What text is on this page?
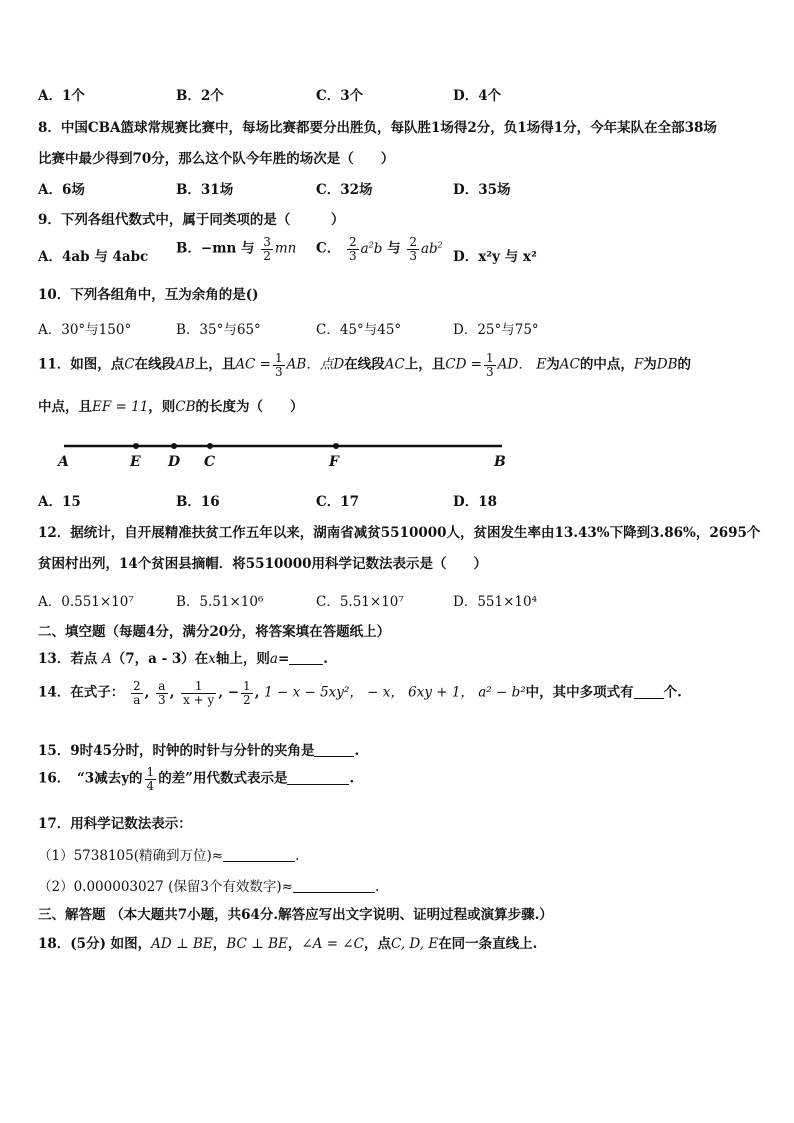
A．1个	B．2个	C．3个	D．4个
8．中国CBA篮球常规赛比赛中，每场比赛都要分出胜负，每队胜1场得2分，负1场得1分，今年某队在全部38场
比赛中最少得到70分，那么这个队今年胜的场次是（　　）
A．6场	B．31场	C．32场	D．35场
9．下列各组代数式中，属于同类项的是（　　　）
A．4ab 与 4abc
B．−mn 与 $\frac{3}{2}$ mn C． $\frac{2}{3} a^2b$ 与 $\frac{2}{3} ab^2$
D．x²y 与 x²
10．下列各组角中，互为余角的是()
A．30°与150°	B．35°与65°	C．45°与45°	D．25°与75°
11．如图，点C在线段AB上，且AC = $\frac{1}{3}$ AB．点D在线段AC上，且CD = $\frac{1}{3}$ AD． E为AC的中点，F为DB的
中点，且EF = 11，则CB的长度为（　　）
A	E D C	F	B
A．15	B．16	C．17	D．18
12．据统计，自开展精准扶贫工作五年以来，湖南省减贫5510000人，贫困发生率由13.43%下降到3.86%，2695个
贫困村出列，14个贫困县摘帽．将5510000用科学记数法表示是（　　）
A．0.551×10⁷	B．5.51×10⁶	C．5.51×10⁷	D．551×10⁴
二、填空题（每题4分，满分20分，将答案填在答题纸上）
13．若点 A（7，a - 3）在x轴上，则a=	.
14．在式子： $\frac{2}{a}$ , $\frac{a}{3}$ , $\frac{1}{x + y}$ , − $\frac{1}{2}$ , 1 − x − 5xy²， − x， 6xy + 1， a² − b²中，其中多项式有 个.
15．9时45分时，时钟的时针与分针的夹角是	.
16．　“3减去y的 $\frac{1}{4}$ 的差”用代数式表示是	.
17．用科学记数法表示：
（1）5738105(精确到万位)≈	.
（2）0.000003027 (保留3个有效数字)≈	.
三、解答题 （本大题共7小题，共64分.解答应写出文字说明、证明过程或演算步骤.）
18．(5分) 如图，AD ⊥ BE，BC ⊥ BE，∠A = ∠C，点C, D, E在同一条直线上.
